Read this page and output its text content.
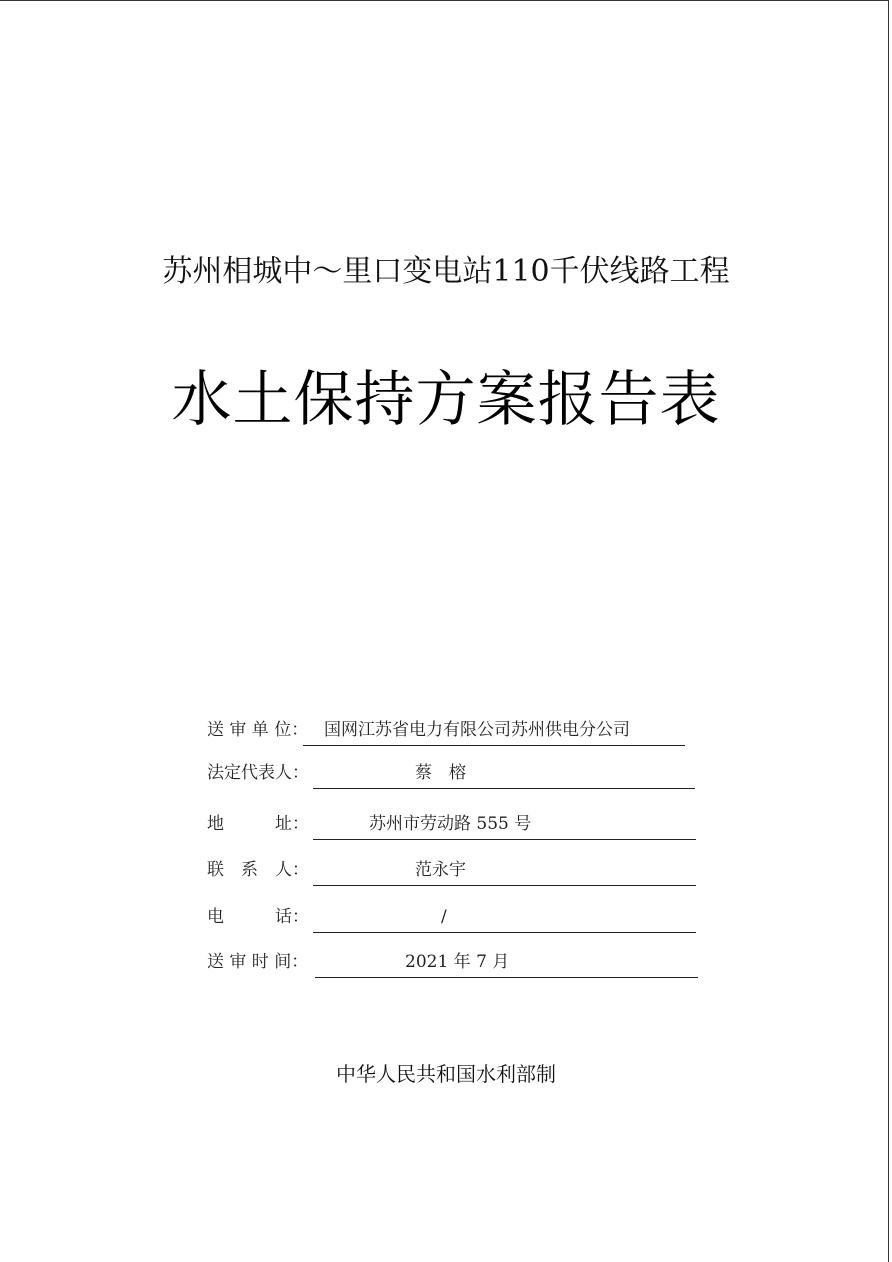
苏州相城中～里口变电站110千伏线路工程
水土保持方案报告表
送 审 单 位： 国网江苏省电力有限公司苏州供电分公司
法定代表人：	蔡　榕
地　　　址：	苏州市劳动路 555 号
联　系　人：	范永宇
电　　　话：	/
送 审 时 间：	2021 年 7 月
中华人民共和国水利部制
